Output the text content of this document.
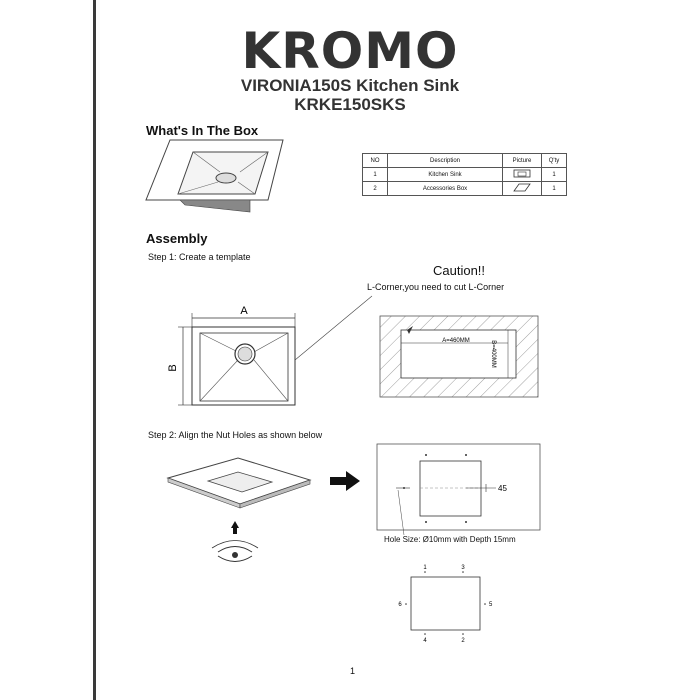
KROMO
VIRONIA150S Kitchen Sink
KRKE150SKS
What's In The Box
Assembly
Step 1: Create a template
Step 2: Align the Nut Holes as shown below
Caution!!
L-Corner,you need to cut L-Corner
NO	Description	Picture	Q'ty
1	Kitchen Sink		1
2	Accessories Box		1
A
B
A=460MM	B=400MM
45
1
2
3
4
5
6
Hole Size: Ø10mm with Depth 15mm
1
